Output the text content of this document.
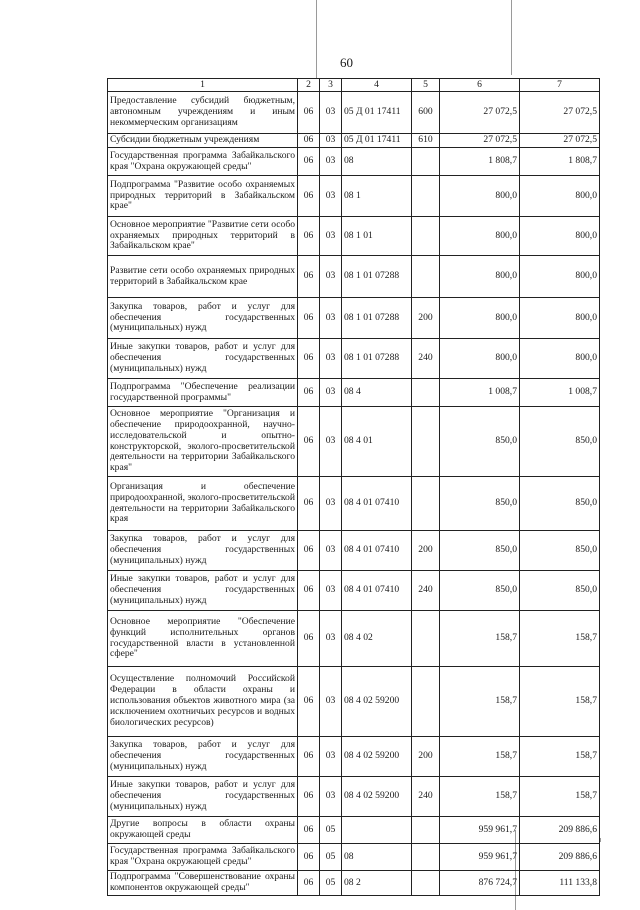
60
1	2	3	4	5	6	7
Предоставление субсидий бюджетным, автономным учреждениям и иным некоммерческим организациям	06	03	05 Д 01 17411	600	27 072,5	27 072,5
Субсидии бюджетным учреждениям	06	03	05 Д 01 17411	610	27 072,5	27 072,5
Государственная программа Забайкальского края "Охрана окружающей среды"	06	03	08		1 808,7	1 808,7
Подпрограмма "Развитие особо охраняемых природных территорий в Забайкальском крае"	06	03	08 1		800,0	800,0
Основное мероприятие "Развитие сети особо охраняемых природных территорий в Забайкальском крае"	06	03	08 1 01		800,0	800,0
Развитие сети особо охраняемых природных территорий в Забайкальском крае	06	03	08 1 01 07288		800,0	800,0
Закупка товаров, работ и услуг для обеспечения государственных (муниципальных) нужд	06	03	08 1 01 07288	200	800,0	800,0
Иные закупки товаров, работ и услуг для обеспечения государственных (муниципальных) нужд	06	03	08 1 01 07288	240	800,0	800,0
Подпрограмма "Обеспечение реализации государственной программы"	06	03	08 4		1 008,7	1 008,7
Основное мероприятие "Организация и обеспечение природоохранной, научно-исследовательской и опытно-конструкторской, эколого-просветительской деятельности на территории Забайкальского края"	06	03	08 4 01		850,0	850,0
Организация и обеспечение природоохранной, эколого-просветительской деятельности на территории Забайкальского края	06	03	08 4 01 07410		850,0	850,0
Закупка товаров, работ и услуг для обеспечения государственных (муниципальных) нужд	06	03	08 4 01 07410	200	850,0	850,0
Иные закупки товаров, работ и услуг для обеспечения государственных (муниципальных) нужд	06	03	08 4 01 07410	240	850,0	850,0
Основное мероприятие "Обеспечение функций исполнительных органов государственной власти в установленной сфере"	06	03	08 4 02		158,7	158,7
Осуществление полномочий Российской Федерации в области охраны и использования объектов животного мира (за исключением охотничьих ресурсов и водных биологических ресурсов)	06	03	08 4 02 59200		158,7	158,7
Закупка товаров, работ и услуг для обеспечения государственных (муниципальных) нужд	06	03	08 4 02 59200	200	158,7	158,7
Иные закупки товаров, работ и услуг для обеспечения государственных (муниципальных) нужд	06	03	08 4 02 59200	240	158,7	158,7
Другие вопросы в области охраны окружающей среды	06	05			959 961,7	209 886,6
Государственная программа Забайкальского края "Охрана окружающей среды"	06	05	08		959 961,7	209 886,6
Подпрограмма "Совершенствование охраны компонентов окружающей среды"	06	05	08 2		876 724,7	111 133,8
